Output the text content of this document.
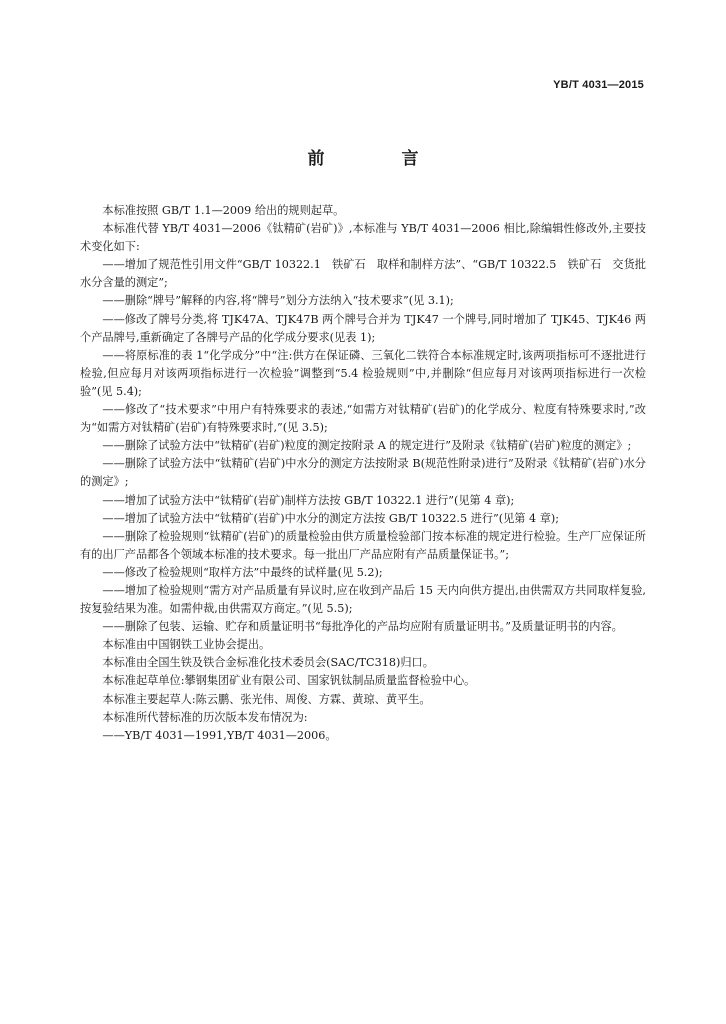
YB/T 4031—2015
前　言

本标准按照 GB/T 1.1—2009 给出的规则起草。

本标准代替 YB/T 4031—2006《钛精矿(岩矿)》,本标准与 YB/T 4031—2006 相比,除编辑性修改外,主要技术变化如下:

——增加了规范性引用文件“GB/T 10322.1　铁矿石　取样和制样方法”、“GB/T 10322.5　铁矿石　交货批水分含量的测定”;

——删除“牌号”解释的内容,将“牌号”划分方法纳入“技术要求”(见 3.1);

——修改了牌号分类,将 TJK47A、TJK47B 两个牌号合并为 TJK47 一个牌号,同时增加了 TJK45、TJK46 两个产品牌号,重新确定了各牌号产品的化学成分要求(见表 1);

——将原标准的表 1“化学成分”中“注:供方在保证磷、三氧化二铁符合本标准规定时,该两项指标可不逐批进行检验,但应每月对该两项指标进行一次检验”调整到“5.4 检验规则”中,并删除“但应每月对该两项指标进行一次检验”(见 5.4);

——修改了“技术要求”中用户有特殊要求的表述,“如需方对钛精矿(岩矿)的化学成分、粒度有特殊要求时,”改为“如需方对钛精矿(岩矿)有特殊要求时,”(见 3.5);

——删除了试验方法中“钛精矿(岩矿)粒度的测定按附录 A 的规定进行”及附录《钛精矿(岩矿)粒度的测定》;

——删除了试验方法中“钛精矿(岩矿)中水分的测定方法按附录 B(规范性附录)进行”及附录《钛精矿(岩矿)水分的测定》;

——增加了试验方法中“钛精矿(岩矿)制样方法按 GB/T 10322.1 进行”(见第 4 章);

——增加了试验方法中“钛精矿(岩矿)中水分的测定方法按 GB/T 10322.5 进行”(见第 4 章);

——删除了检验规则“钛精矿(岩矿)的质量检验由供方质量检验部门按本标准的规定进行检验。生产厂应保证所有的出厂产品都各个领域本标准的技术要求。每一批出厂产品应附有产品质量保证书。”;

——修改了检验规则“取样方法”中最终的试样量(见 5.2);

——增加了检验规则“需方对产品质量有异议时,应在收到产品后 15 天内向供方提出,由供需双方共同取样复验,按复验结果为准。如需仲裁,由供需双方商定。”(见 5.5);

——删除了包装、运输、贮存和质量证明书“每批净化的产品均应附有质量证明书。”及质量证明书的内容。

本标准由中国钢铁工业协会提出。

本标准由全国生铁及铁合金标准化技术委员会(SAC/TC318)归口。

本标准起草单位:攀钢集团矿业有限公司、国家钒钛制品质量监督检验中心。

本标准主要起草人:陈云鹏、张光伟、周俊、方霖、黄琼、黄平生。

本标准所代替标准的历次版本发布情况为:

——YB/T 4031—1991,YB/T 4031—2006。
